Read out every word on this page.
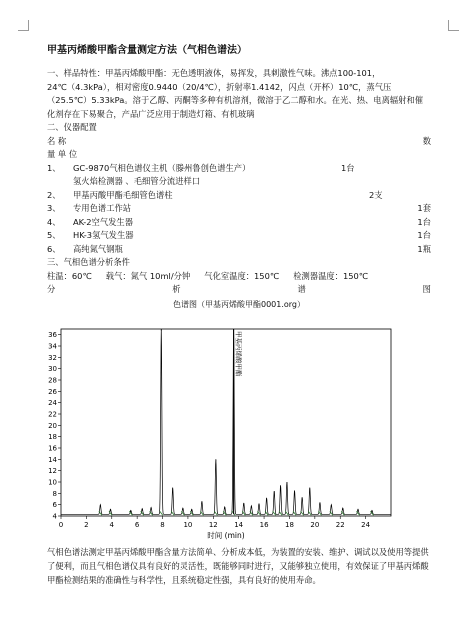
甲基丙烯酸甲酯含量测定方法（气相色谱法）

一、样品特性：甲基丙烯酸甲酯：无色透明液体，易挥发，具刺激性气味。沸点100-101，24℃（4.3kPa），相对密度0.9440（20/4℃），折射率1.4142，闪点（开杯）10℃，蒸气压（25.5℃）5.33kPa。溶于乙醇、丙酮等多种有机溶剂，微溶于乙二醇和水。在光、热、电离辐射和催化剂存在下易聚合，产品广泛应用于制造灯箱、有机玻璃

二、仪器配置
名 称	数
量 单 位
1、	GC-9870气相色谱仪主机（滕州鲁创色谱生产）	1台
氢火焰检测器 、毛细管分流进样口
2、	甲基丙酸甲酯毛细管色谱柱	2支
3、	专用色谱工作站	1套
4、	AK-2空气发生器	1台
5、	HK-3氢气发生器	1台
6、	高纯氮气钢瓶	1瓶
三、气相色谱分析条件
柱温：60℃ 载气：氮气 10ml/分钟 气化室温度：150℃ 检测器温度：150℃
分	析	谱	图
色谱图（甲基丙烯酸甲酯0001.org）
4
6
8
10
12
14
16
18
20
22
24
26
28
30
32
34
36
0	2	4	6	8	10 12 14 16 18 20 22 24
时间 (min)
甲基丙烯酸甲酯
气相色谱法测定甲基丙烯酸甲酯含量方法简单、分析成本低，为装置的安装、维护、调试以及使用等提供了便利，而且气相色谱仪具有良好的灵活性，既能够同时进行，又能够独立使用，有效保证了甲基丙烯酸甲酯检测结果的准确性与科学性，且系统稳定性强，具有良好的使用寿命。
